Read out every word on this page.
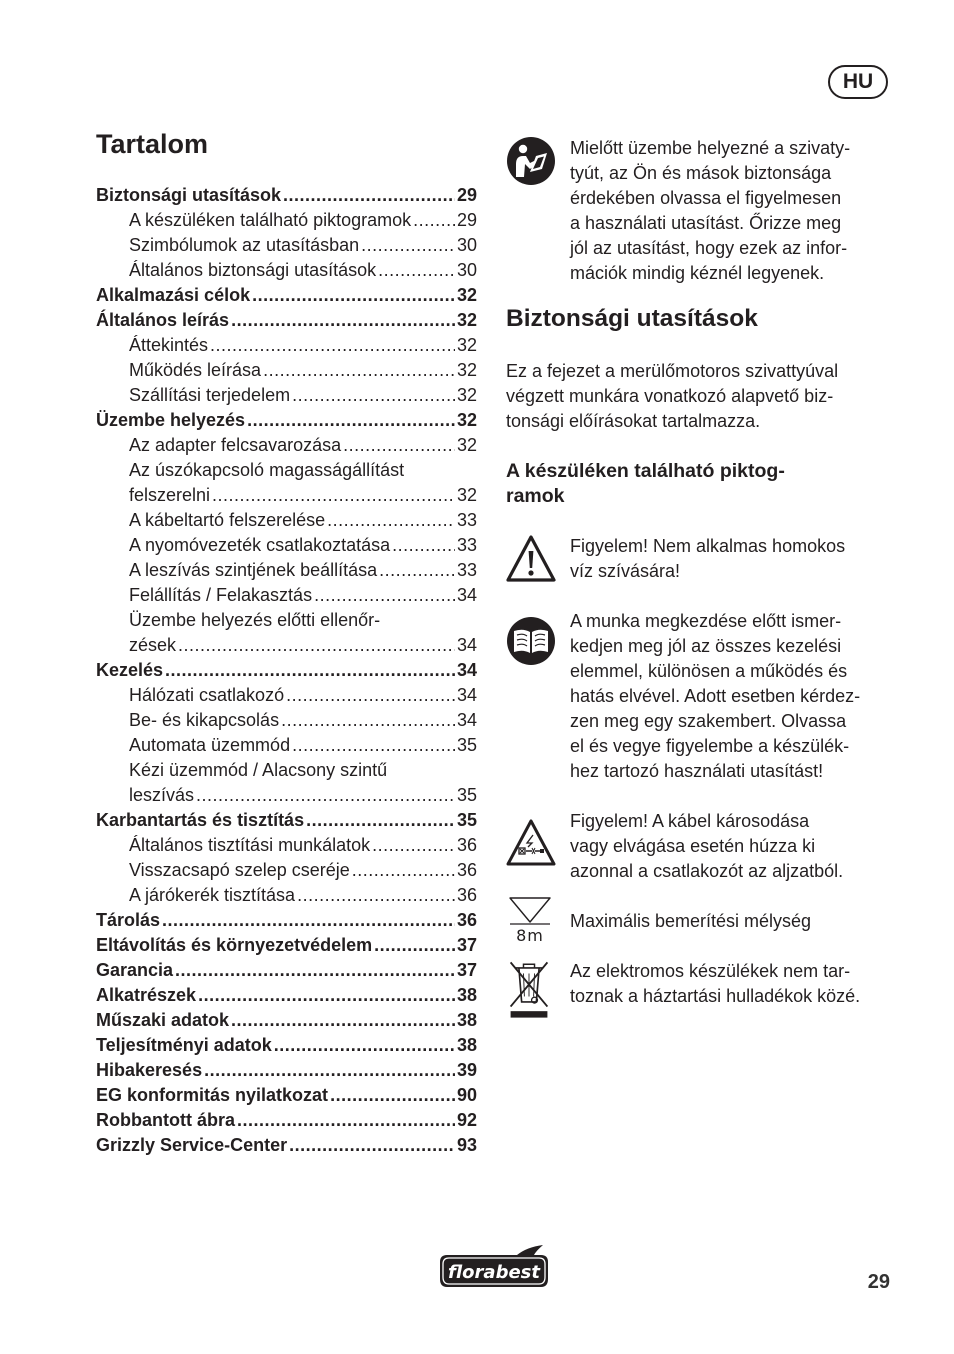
HU
Tartalom
Biztonsági utasítások .....	29
A készüléken található piktogramok .....	29
Szimbólumok az utasításban .....	30
Általános biztonsági utasítások .....	30
Alkalmazási célok .....	32
Általános leírás .....	32
Áttekintés .....	32
Működés leírása .....	32
Szállítási terjedelem .....	32
Üzembe helyezés .....	32
Az adapter felcsavarozása .....	32
Az úszókapcsoló magasságállítást
felszerelni .....	32
A kábeltartó felszerelése .....	33
A nyomóvezeték csatlakoztatása .....	33
A leszívás szintjének beállítása .....	33
Felállítás / Felakasztás .....	34
Üzembe helyezés előtti ellenőr-
zések .....	34
Kezelés .....	34
Hálózati csatlakozó .....	34
Be- és kikapcsolás .....	34
Automata üzemmód .....	35
Kézi üzemmód / Alacsony szintű
leszívás .....	35
Karbantartás és tisztítás .....	35
Általános tisztítási munkálatok .....	36
Visszacsapó szelep cseréje .....	36
A járókerék tisztítása .....	36
Tárolás .....	36
Eltávolítás és környezetvédelem .....	37
Garancia .....	37
Alkatrészek .....	38
Műszaki adatok .....	38
Teljesítményi adatok .....	38
Hibakeresés .....	39
EG konformitás nyilatkozat .....	90
Robbantott ábra .....	92
Grizzly Service-Center .....	93
Mielőtt üzembe helyezné a szivaty-
tyút, az Ön és mások biztonsága
érdekében olvassa el figyelmesen
a használati utasítást. Őrizze meg
jól az utasítást, hogy ezek az infor-
mációk mindig kéznél legyenek.
Biztonsági utasítások
Ez a fejezet a merülőmotoros szivattyúval
végzett munkára vonatkozó alapvető biz-
tonsági előírásokat tartalmazza.
A készüléken található piktog-
ramok
Figyelem! Nem alkalmas homokos
víz szívására!
A munka megkezdése előtt ismer-
kedjen meg jól az összes kezelési
elemmel, különösen a működés és
hatás elvével. Adott esetben kérdez-
zen meg egy szakembert. Olvassa
el és vegye figyelembe a készülék-
hez tartozó használati utasítást!
Figyelem! A kábel károsodása
vagy elvágása esetén húzza ki
azonnal a csatlakozót az aljzatból.
8m
Maximális bemerítési mélység
Az elektromos készülékek nem tar-
toznak a háztartási hulladékok közé.
florabest	29
